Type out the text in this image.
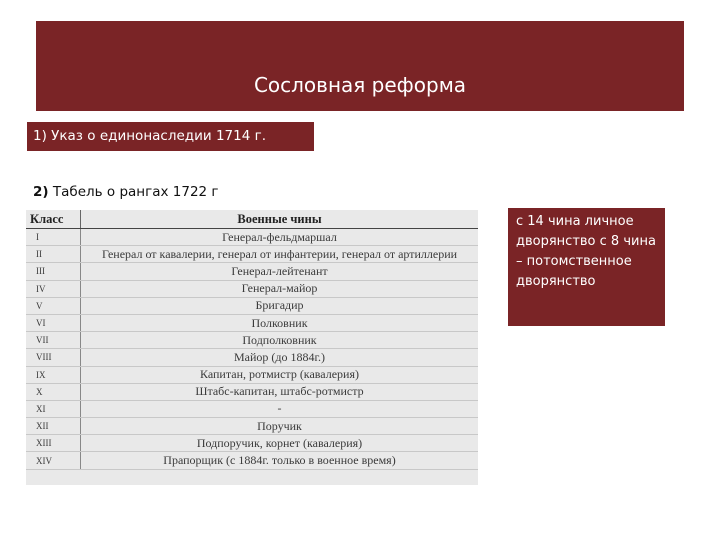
Сословная реформа
1) Указ о единонаследии 1714 г.
2) Табель о рангах 1722 г
Класс	Военные чины
I	Генерал-фельдмаршал
II	Генерал от кавалерии, генерал от инфантерии, генерал от артиллерии
III	Генерал-лейтенант
IV	Генерал-майор
V	Бригадир
VI	Полковник
VII	Подполковник
VIII	Майор (до 1884г.)
IX	Капитан, ротмистр (кавалерия)
X	Штабс-капитан, штабс-ротмистр
XI	-
XII	Поручик
XIII	Подпоручик, корнет (кавалерия)
XIV	Прапорщик (с 1884г. только в военное время)
с 14 чина личное дворянство с 8 чина – потомственное дворянство
